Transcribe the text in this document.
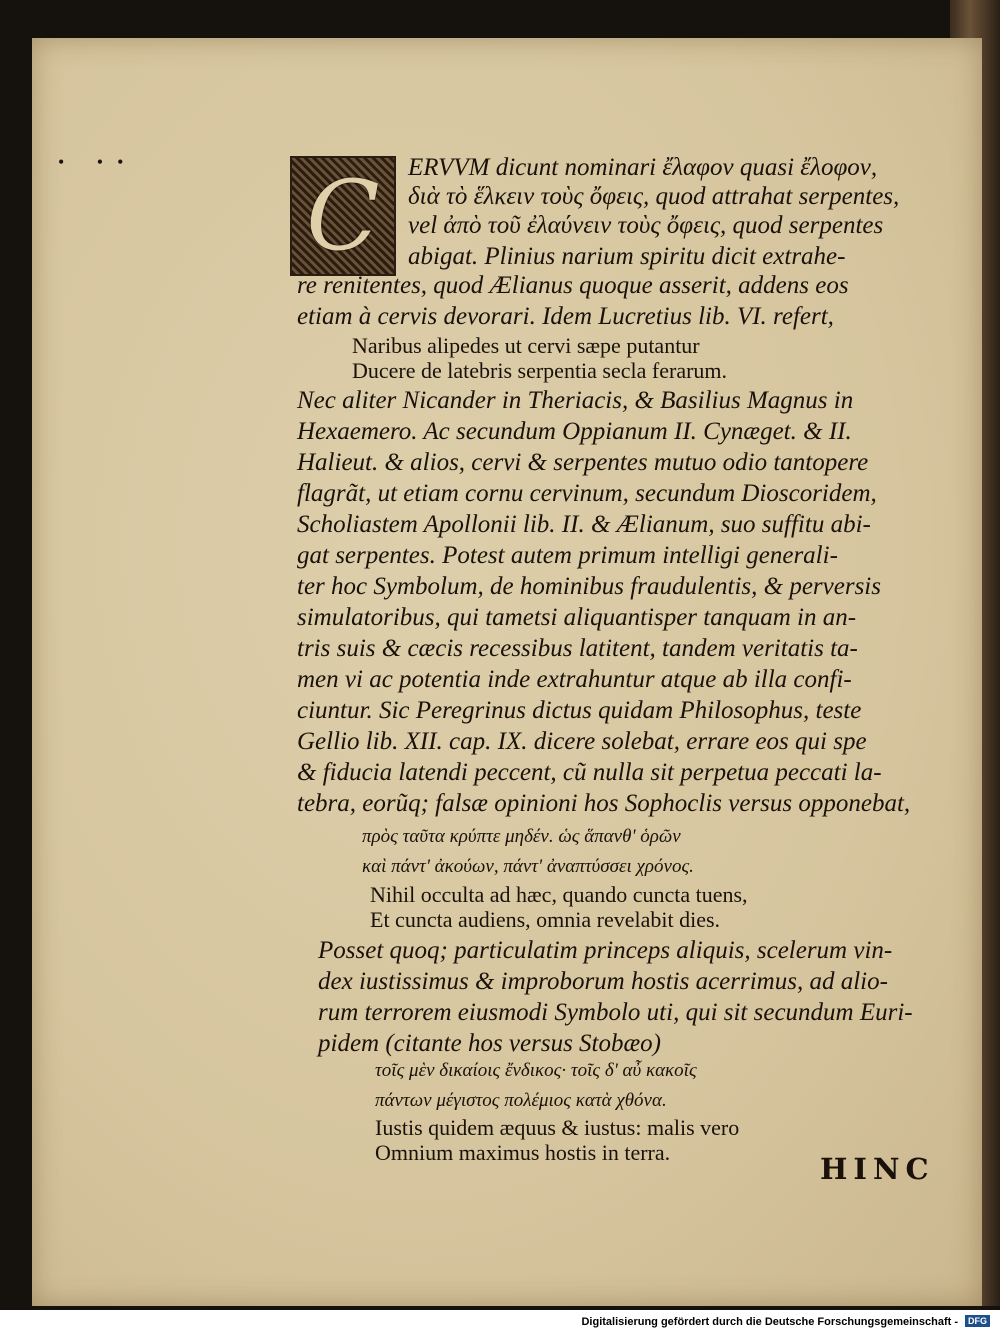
• •• C ERVVM dicunt nominari ἔλαφον quasi ἔλοφον,
διὰ τὸ ἕλκειν τοὺς ὄφεις, quod attrahat serpentes,
vel ἀπὸ τοῦ ἐλαύνειν τοὺς ὄφεις, quod serpentes
abigat. Plinius narium spiritu dicit extrahe-
re renitentes, quod Ælianus quoque asserit, addens eos
etiam à cervis devorari. Idem Lucretius lib. VI. refert,
Naribus alipedes ut cervi sæpe putantur
Ducere de latebris serpentia secla ferarum.
Nec aliter Nicander in Theriacis, & Basilius Magnus in
Hexaemero. Ac secundum Oppianum II. Cynæget. & II.
Halieut. & alios, cervi & serpentes mutuo odio tantopere
flagrãt, ut etiam cornu cervinum, secundum Dioscoridem,
Scholiastem Apollonii lib. II. & Ælianum, suo suffitu abi-
gat serpentes. Potest autem primum intelligi generali-
ter hoc Symbolum, de hominibus fraudulentis, & perversis
simulatoribus, qui tametsi aliquantisper tanquam in an-
tris suis & cæcis recessibus latitent, tandem veritatis ta-
men vi ac potentia inde extrahuntur atque ab illa confi-
ciuntur. Sic Peregrinus dictus quidam Philosophus, teste
Gellio lib. XII. cap. IX. dicere solebat, errare eos qui spe
& fiducia latendi peccent, cũ nulla sit perpetua peccati la-
tebra, eorũq; falsæ opinioni hos Sophoclis versus opponebat,
πρὸς ταῦτα κρύπτε μηδέν. ὡς ἅπανθ' ὁρῶν
καὶ πάντ' ἀκούων, πάντ' ἀναπτύσσει χρόνος.
Nihil occulta ad hæc, quando cuncta tuens,
Et cuncta audiens, omnia revelabit dies.
Posset quoq; particulatim princeps aliquis, scelerum vin-
dex iustissimus & improborum hostis acerrimus, ad alio-
rum terrorem eiusmodi Symbolo uti, qui sit secundum Euri-
pidem (citante hos versus Stobæo)
τοῖς μὲν δικαίοις ἔνδικος· τοῖς δ' αὖ κακοῖς
πάντων μέγιστος πολέμιος κατὰ χθόνα.
Iustis quidem æquus & iustus: malis vero
Omnium maximus hostis in terra.	HINC
Digitalisierung gefördert durch die Deutsche Forschungsgemeinschaft -	DFG
